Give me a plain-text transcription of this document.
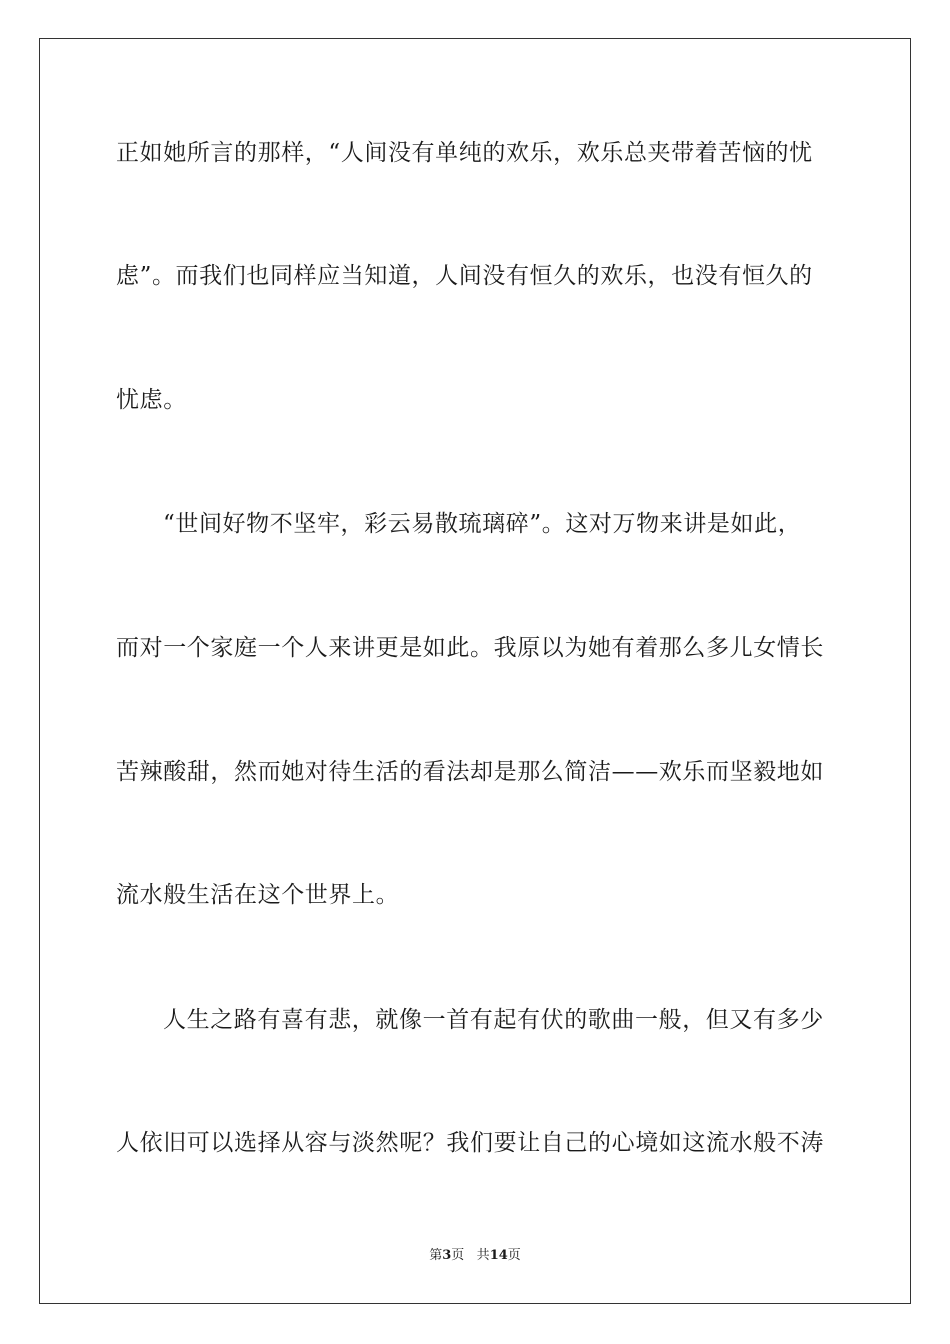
正如她所言的那样，“人间没有单纯的欢乐，欢乐总夹带着苦恼的忧
虑”。而我们也同样应当知道，人间没有恒久的欢乐，也没有恒久的
忧虑。
“世间好物不坚牢，彩云易散琉璃碎”。这对万物来讲是如此，
而对一个家庭一个人来讲更是如此。我原以为她有着那么多儿女情长
苦辣酸甜，然而她对待生活的看法却是那么简洁——欢乐而坚毅地如
流水般生活在这个世界上。
人生之路有喜有悲，就像一首有起有伏的歌曲一般，但又有多少
人依旧可以选择从容与淡然呢？我们要让自己的心境如这流水般不涛
第3页 共14页
